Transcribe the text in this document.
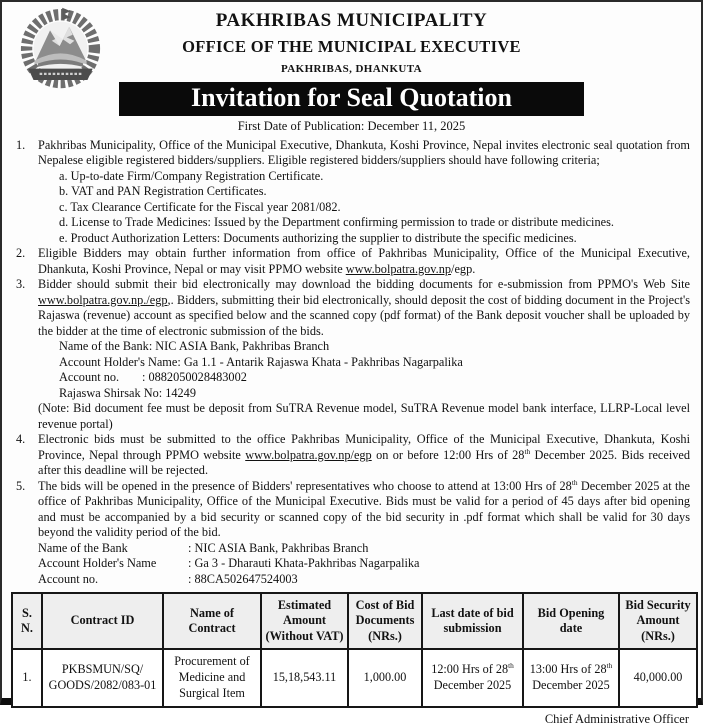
PAKHRIBAS MUNICIPALITY
OFFICE OF THE MUNICIPAL EXECUTIVE
PAKHRIBAS, DHANKUTA
Invitation for Seal Quotation
First Date of Publication: December 11, 2025
1.	Pakhribas Municipality, Office of the Municipal Executive, Dhankuta, Koshi Province, Nepal invites electronic seal quotation from Nepalese eligible registered bidders/suppliers. Eligible registered bidders/suppliers should have following criteria;
a. Up-to-date Firm/Company Registration Certificate.
b. VAT and PAN Registration Certificates.
c. Tax Clearance Certificate for the Fiscal year 2081/082.
d. License to Trade Medicines: Issued by the Department confirming permission to trade or distribute medicines.
e. Product Authorization Letters: Documents authorizing the supplier to distribute the specific medicines.
2.	Eligible Bidders may obtain further information from office of Pakhribas Municipality, Office of the Municipal Executive, Dhankuta, Koshi Province, Nepal or may visit PPMO website www.bolpatra.gov.np/egp.
3.	Bidder should submit their bid electronically may download the bidding documents for e-submission from PPMO's Web Site www.bolpatra.gov.np./egp,. Bidders, submitting their bid electronically, should deposit the cost of bidding document in the Project's Rajaswa (revenue) account as specified below and the scanned copy (pdf format) of the Bank deposit voucher shall be uploaded by the bidder at the time of electronic submission of the bids.
Name of the Bank : NIC ASIA Bank, Pakhribas Branch
Account Holder's Name : Ga 1.1 - Antarik Rajaswa Khata - Pakhribas Nagarpalika
Account no.	: 0882050028483002
Rajaswa Shirsak No : 14249
(Note: Bid document fee must be deposit from SuTRA Revenue model, SuTRA Revenue model bank interface, LLRP-Local level revenue portal)
4.	Electronic bids must be submitted to the office Pakhribas Municipality, Office of the Municipal Executive, Dhankuta, Koshi Province, Nepal through PPMO website www.bolpatra.gov.np/egp on or before 12:00 Hrs of 28th December 2025. Bids received after this deadline will be rejected.
5.	The bids will be opened in the presence of Bidders' representatives who choose to attend at 13:00 Hrs of 28th December 2025 at the office of Pakhribas Municipality, Office of the Municipal Executive. Bids must be valid for a period of 45 days after bid opening and must be accompanied by a bid security or scanned copy of the bid security in .pdf format which shall be valid for 30 days beyond the validity period of the bid.
Name of the Bank	: NIC ASIA Bank, Pakhribas Branch
Account Holder's Name	: Ga 3 - Dharauti Khata-Pakhribas Nagarpalika
Account no.	: 88CA502647524003
S. N.	Contract ID	Name of Contract	Estimated Amount (Without VAT)	Cost of Bid Documents (NRs.)	Last date of bid submission	Bid Opening date	Bid Security Amount (NRs.)
1.	PKBSMUN/SQ/
GOODS/2082/083-01	Procurement of Medicine and Surgical Item	15,18,543.11	1,000.00	12:00 Hrs of 28th December 2025	13:00 Hrs of 28th December 2025	40,000.00
Chief Administrative Officer
